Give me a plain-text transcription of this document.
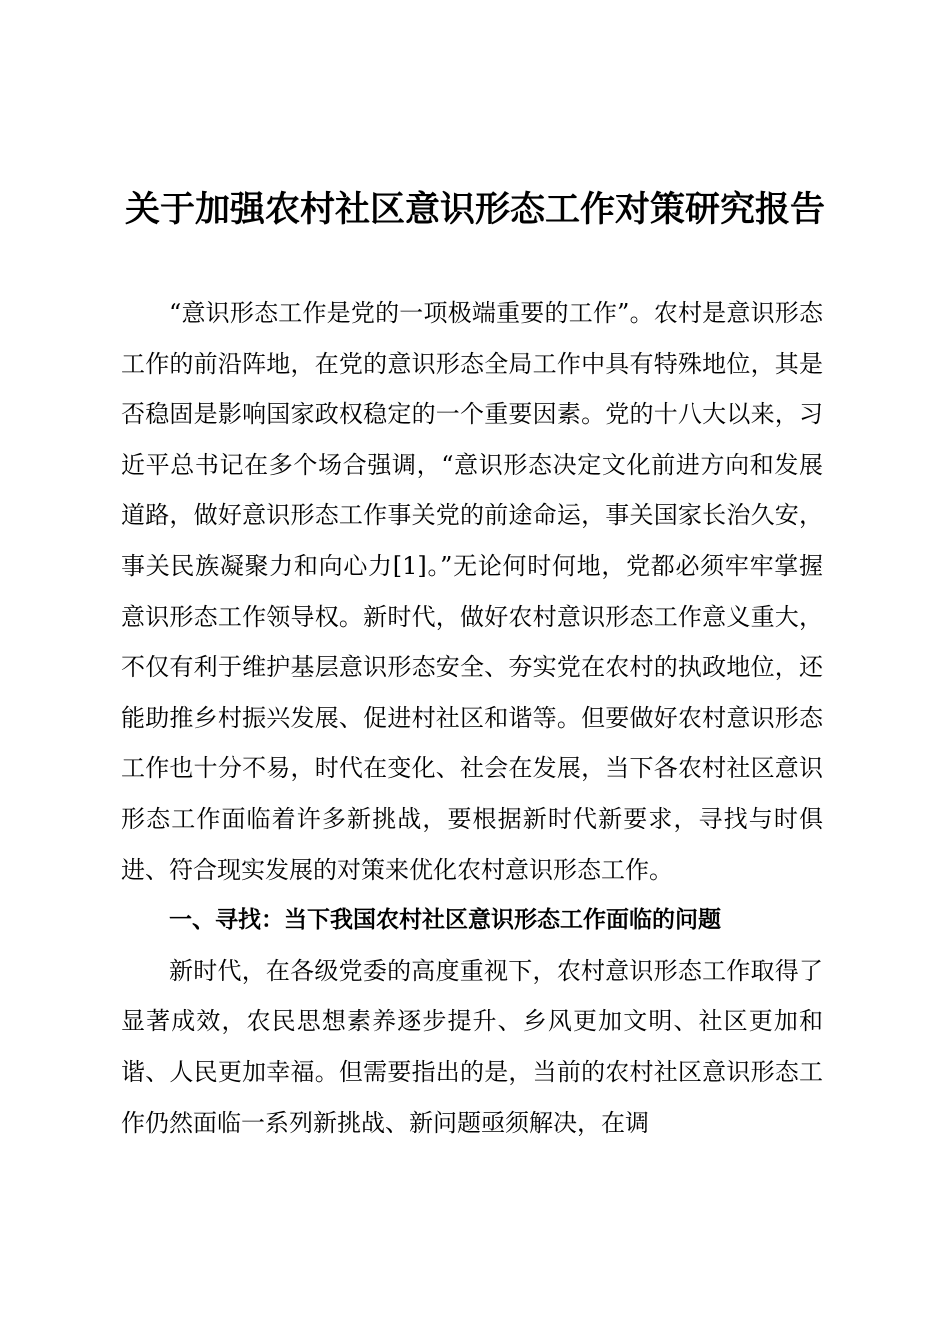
关于加强农村社区意识形态工作对策研究报告

“意识形态工作是党的一项极端重要的工作”。农村是意识形态工作的前沿阵地，在党的意识形态全局工作中具有特殊地位，其是否稳固是影响国家政权稳定的一个重要因素。党的十八大以来，习近平总书记在多个场合强调，“意识形态决定文化前进方向和发展道路，做好意识形态工作事关党的前途命运，事关国家长治久安，事关民族凝聚力和向心力[1]。”无论何时何地，党都必须牢牢掌握意识形态工作领导权。新时代，做好农村意识形态工作意义重大，不仅有利于维护基层意识形态安全、夯实党在农村的执政地位，还能助推乡村振兴发展、促进村社区和谐等。但要做好农村意识形态工作也十分不易，时代在变化、社会在发展，当下各农村社区意识形态工作面临着许多新挑战，要根据新时代新要求，寻找与时俱进、符合现实发展的对策来优化农村意识形态工作。

一、寻找：当下我国农村社区意识形态工作面临的问题

新时代，在各级党委的高度重视下，农村意识形态工作取得了显著成效，农民思想素养逐步提升、乡风更加文明、社区更加和谐、人民更加幸福。但需要指出的是，当前的农村社区意识形态工作仍然面临一系列新挑战、新问题亟须解决，在调
